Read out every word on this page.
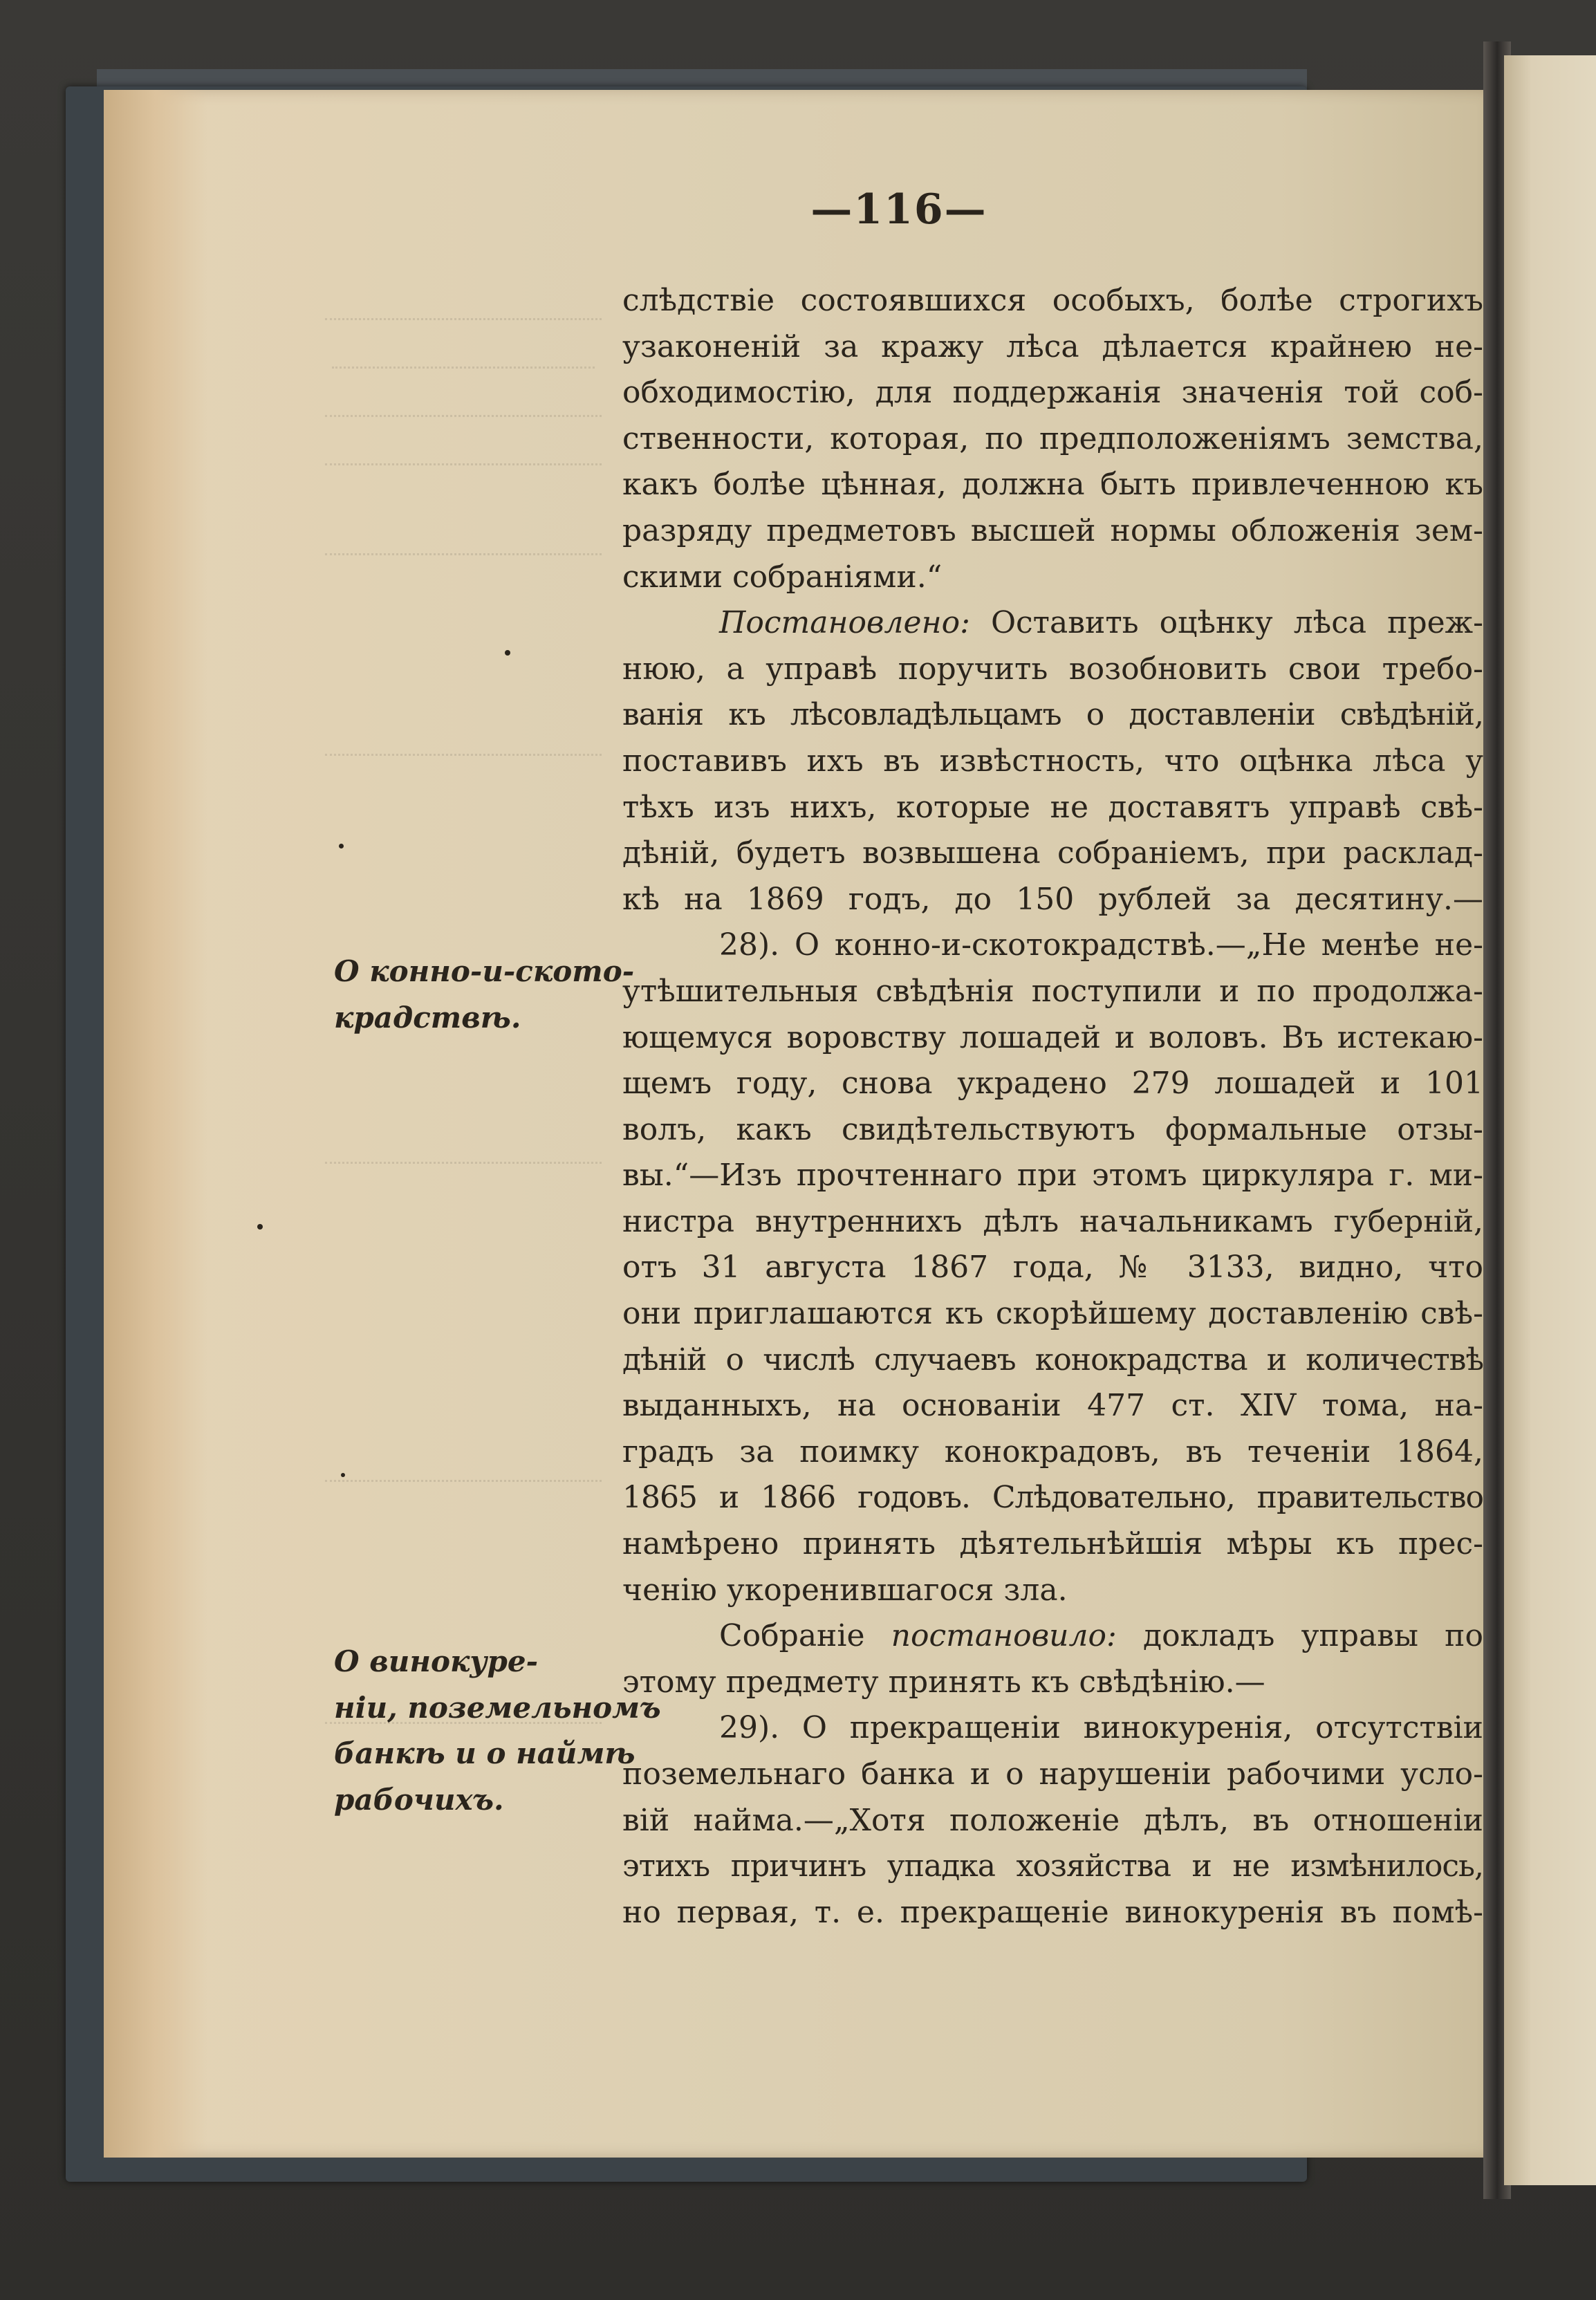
—116—
слѣдствіе состоявшихся особыхъ, болѣе строгихъ
узаконеній за кражу лѣса дѣлается крайнею не-
обходимостію, для поддержанія значенія той соб-
ственности, которая, по предположеніямъ земства,
какъ болѣе цѣнная, должна быть привлеченною къ
разряду предметовъ высшей нормы обложенія зем-
скими собраніями.“
Постановлено: Оставить оцѣнку лѣса преж-
нюю, а управѣ поручить возобновить свои требо-
ванія къ лѣсовладѣльцамъ о доставленіи свѣдѣній,
поставивъ ихъ въ извѣстность, что оцѣнка лѣса у
тѣхъ изъ нихъ, которые не доставятъ управѣ свѣ-
дѣній, будетъ возвышена собраніемъ, при расклад-
кѣ на 1869 годъ, до 150 рублей за десятину.—
28). О конно-и-скотокрадствѣ.—„Не менѣе не-
утѣшительныя свѣдѣнія поступили и по продолжа-
ющемуся воровству лошадей и воловъ. Въ истекаю-
щемъ году, снова украдено 279 лошадей и 101
волъ, какъ свидѣтельствуютъ формальные отзы-
вы.“—Изъ прочтеннаго при этомъ циркуляра г. ми-
нистра внутреннихъ дѣлъ начальникамъ губерній,
отъ 31 августа 1867 года, № 3133, видно, что
они приглашаются къ скорѣйшему доставленію свѣ-
дѣній о числѣ случаевъ конокрадства и количествѣ
выданныхъ, на основаніи 477 ст. XIV тома, на-
градъ за поимку конокрадовъ, въ теченіи 1864,
1865 и 1866 годовъ. Слѣдовательно, правительство
намѣрено принять дѣятельнѣйшія мѣры къ прес-
ченію укоренившагося зла.
Собраніе постановило: докладъ управы по
этому предмету принять къ свѣдѣнію.—
29). О прекращеніи винокуренія, отсутствіи
поземельнаго банка и о нарушеніи рабочими усло-
вій найма.—„Хотя положеніе дѣлъ, въ отношеніи
этихъ причинъ упадка хозяйства и не измѣнилось,
но первая, т. е. прекращеніе винокуренія въ помѣ-
О конно-и-ското-
крадствѣ.
О винокуре-
ніи, поземельномъ
банкѣ и о наймѣ
рабочихъ.
